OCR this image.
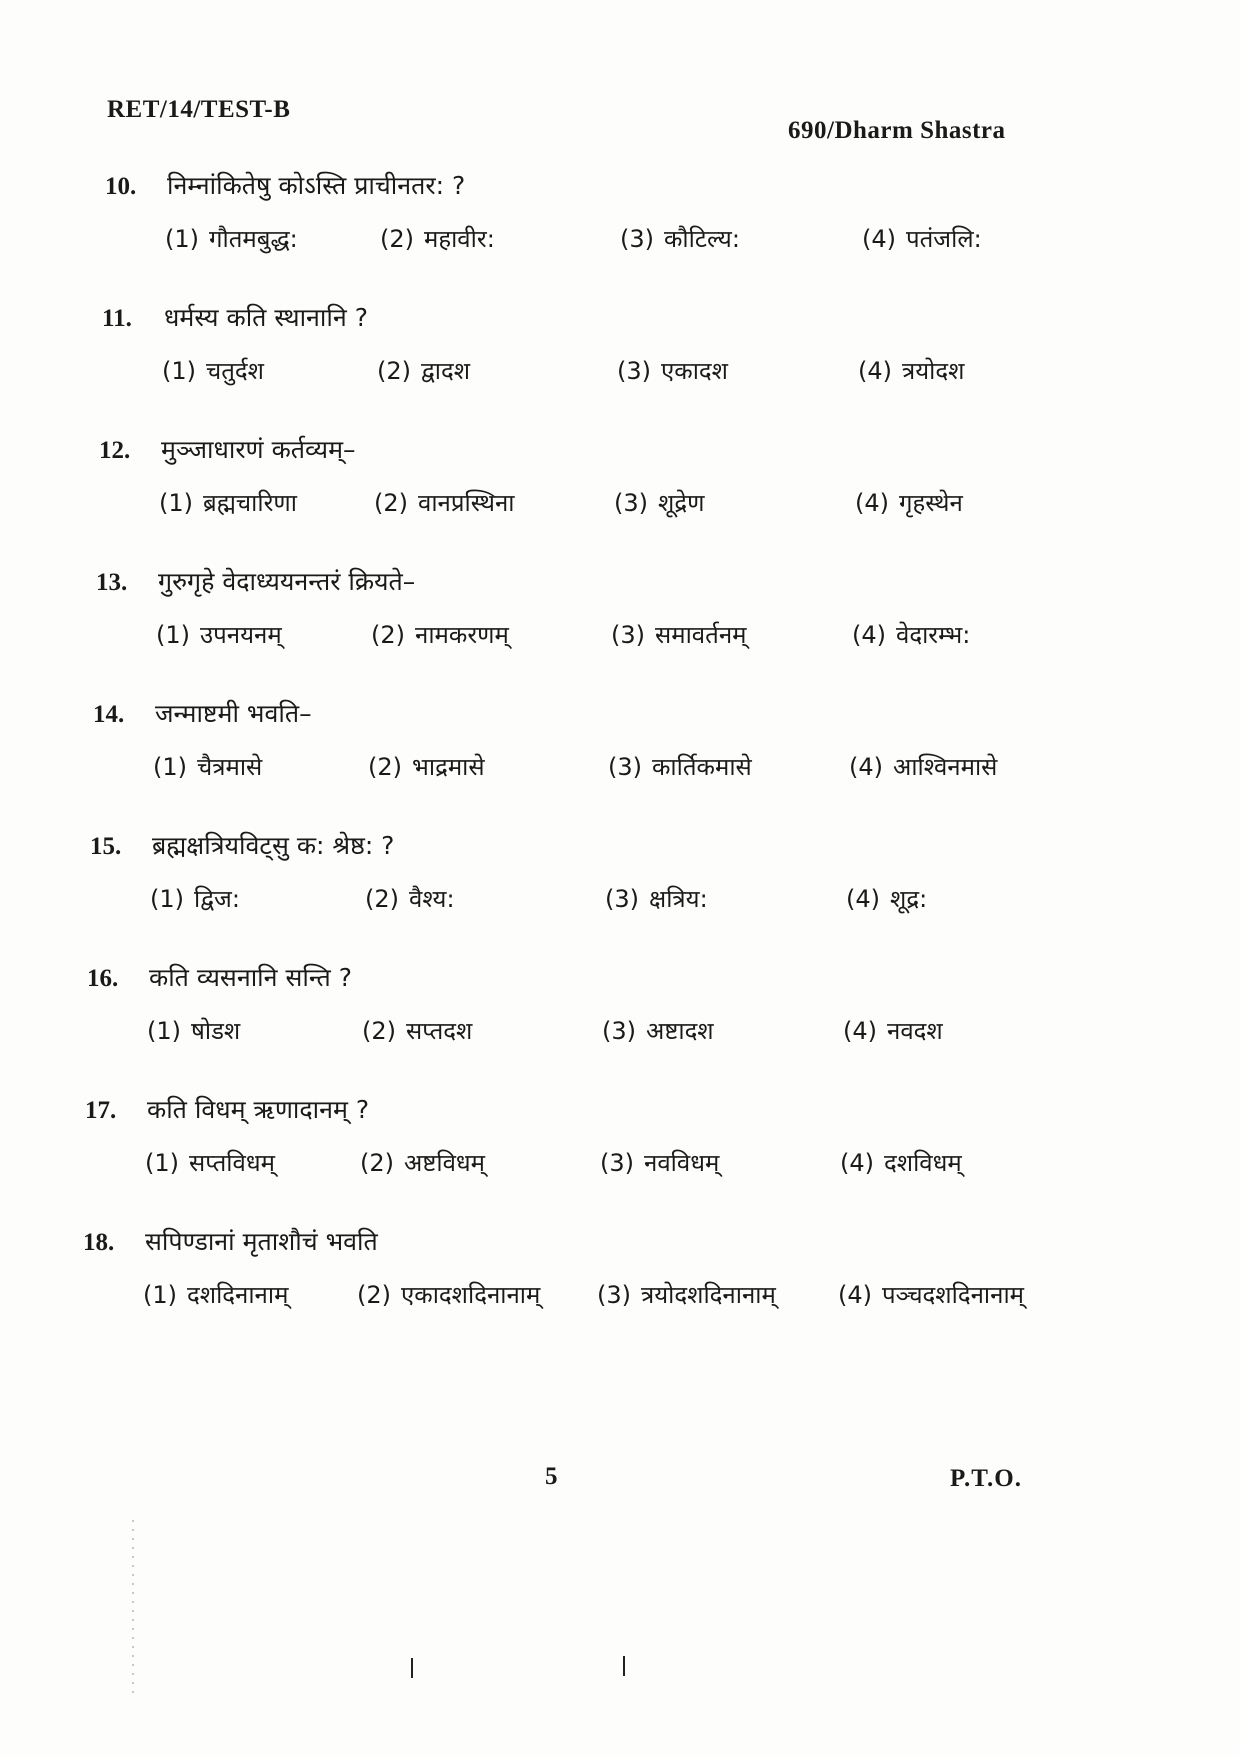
RET/14/TEST-B
690/Dharm Shastra
10. निम्नांकितेषु कोऽस्ति प्राचीनतर: ?
(1) गौतमबुद्ध:	(2) महावीर:	(3) कौटिल्य:	(4) पतंजलि:
11. धर्मस्य कति स्थानानि ?
(1) चतुर्दश	(2) द्वादश	(3) एकादश	(4) त्रयोदश
12. मुञ्जाधारणं कर्तव्यम्–
(1) ब्रह्मचारिणा	(2) वानप्रस्थिना	(3) शूद्रेण	(4) गृहस्थेन
13. गुरुगृहे वेदाध्ययनन्तरं क्रियते–
(1) उपनयनम्	(2) नामकरणम्	(3) समावर्तनम्	(4) वेदारम्भ:
14. जन्माष्टमी भवति–
(1) चैत्रमासे	(2) भाद्रमासे	(3) कार्तिकमासे	(4) आश्विनमासे
15. ब्रह्मक्षत्रियविट्सु क: श्रेष्ठ: ?
(1) द्विज:	(2) वैश्य:	(3) क्षत्रिय:	(4) शूद्र:
16. कति व्यसनानि सन्ति ?
(1) षोडश	(2) सप्तदश	(3) अष्टादश	(4) नवदश
17. कति विधम् ऋणादानम् ?
(1) सप्तविधम्	(2) अष्टविधम्	(3) नवविधम्	(4) दशविधम्
18. सपिण्डानां मृताशौचं भवति
(1) दशदिनानाम्	(2) एकादशदिनानाम् (3) त्रयोदशदिनानाम्	(4) पञ्चदशदिनानाम्
5	P.T.O.
